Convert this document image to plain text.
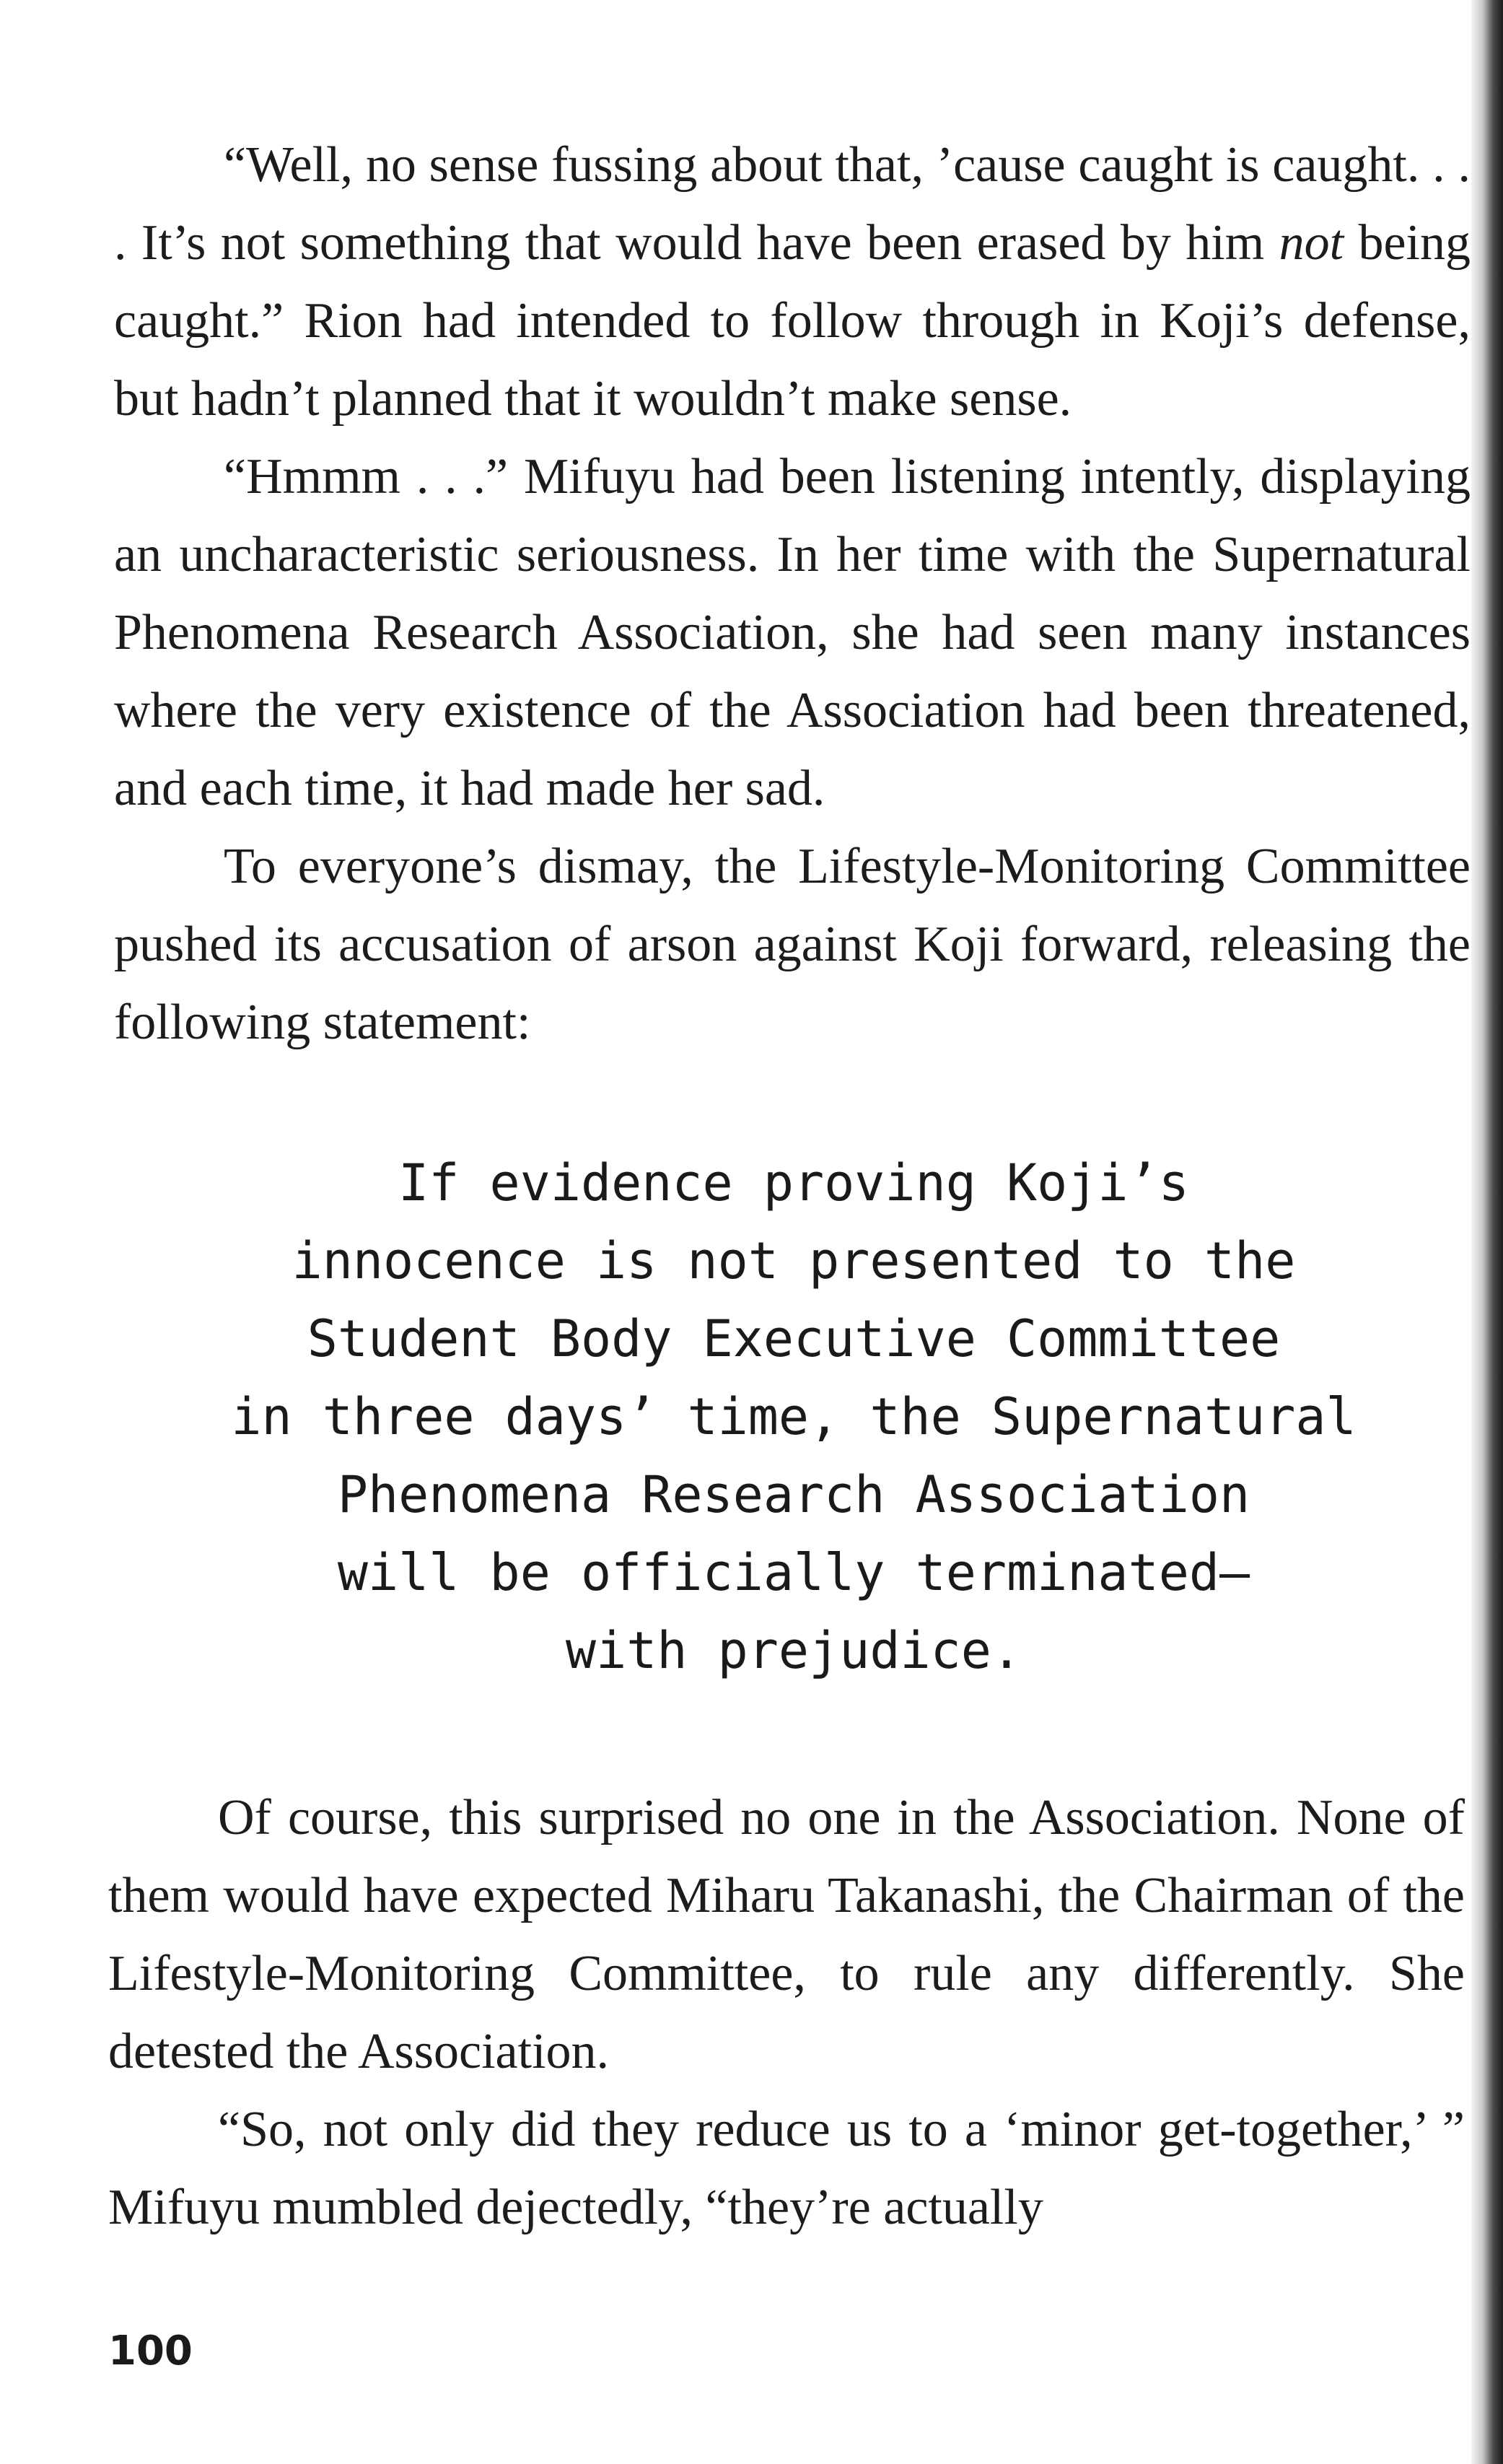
“Well, no sense fussing about that, ’cause caught is caught. . . . It’s not something that would have been erased by him not being caught.” Rion had intended to follow through in Koji’s defense, but hadn’t planned that it wouldn’t make sense.

“Hmmm . . .” Mifuyu had been listening intently, displaying an uncharacteristic seriousness. In her time with the Supernatural Phenomena Research Association, she had seen many instances where the very existence of the Association had been threatened, and each time, it had made her sad.

To everyone’s dismay, the Lifestyle-Monitoring Committee pushed its accusation of arson against Koji forward, releasing the following statement:

If evidence proving Koji’s
innocence is not presented to the
Student Body Executive Committee
in three days’ time, the Supernatural
Phenomena Research Association
will be officially terminated—
with prejudice.

Of course, this surprised no one in the Association. None of them would have expected Miharu Takanashi, the Chairman of the Lifestyle-Monitoring Committee, to rule any differently. She detested the Association.

“So, not only did they reduce us to a ‘minor get-together,’ ” Mifuyu mumbled dejectedly, “they’re actually

100
